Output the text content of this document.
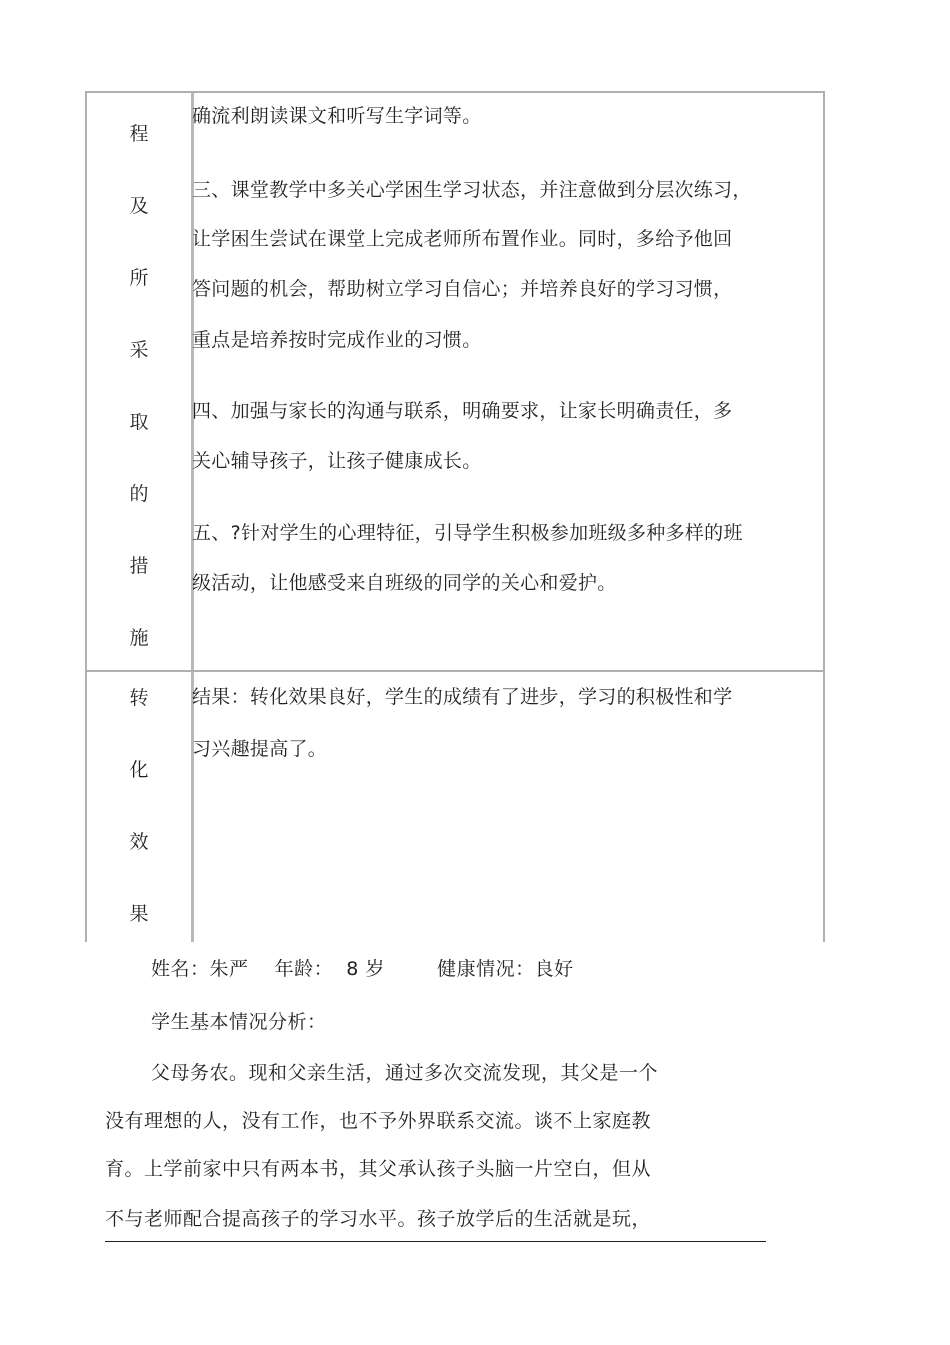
程
及
所
采
取
的
措
施
确流利朗读课文和听写生字词等。
三、课堂教学中多关心学困生学习状态，并注意做到分层次练习，
让学困生尝试在课堂上完成老师所布置作业。同时，多给予他回
答问题的机会，帮助树立学习自信心；并培养良好的学习习惯，
重点是培养按时完成作业的习惯。
四、加强与家长的沟通与联系，明确要求，让家长明确责任，多
关心辅导孩子，让孩子健康成长。
五、?针对学生的心理特征，引导学生积极参加班级多种多样的班
级活动，让他感受来自班级的同学的关心和爱护。
转
化
效
果
结果：转化效果良好，学生的成绩有了进步，学习的积极性和学
习兴趣提高了。
姓名：朱严    年龄：  8 岁        健康情况：良好
学生基本情况分析：
父母务农。现和父亲生活，通过多次交流发现，其父是一个
没有理想的人，没有工作，也不予外界联系交流。谈不上家庭教
育。上学前家中只有两本书，其父承认孩子头脑一片空白，但从
不与老师配合提高孩子的学习水平。孩子放学后的生活就是玩，
